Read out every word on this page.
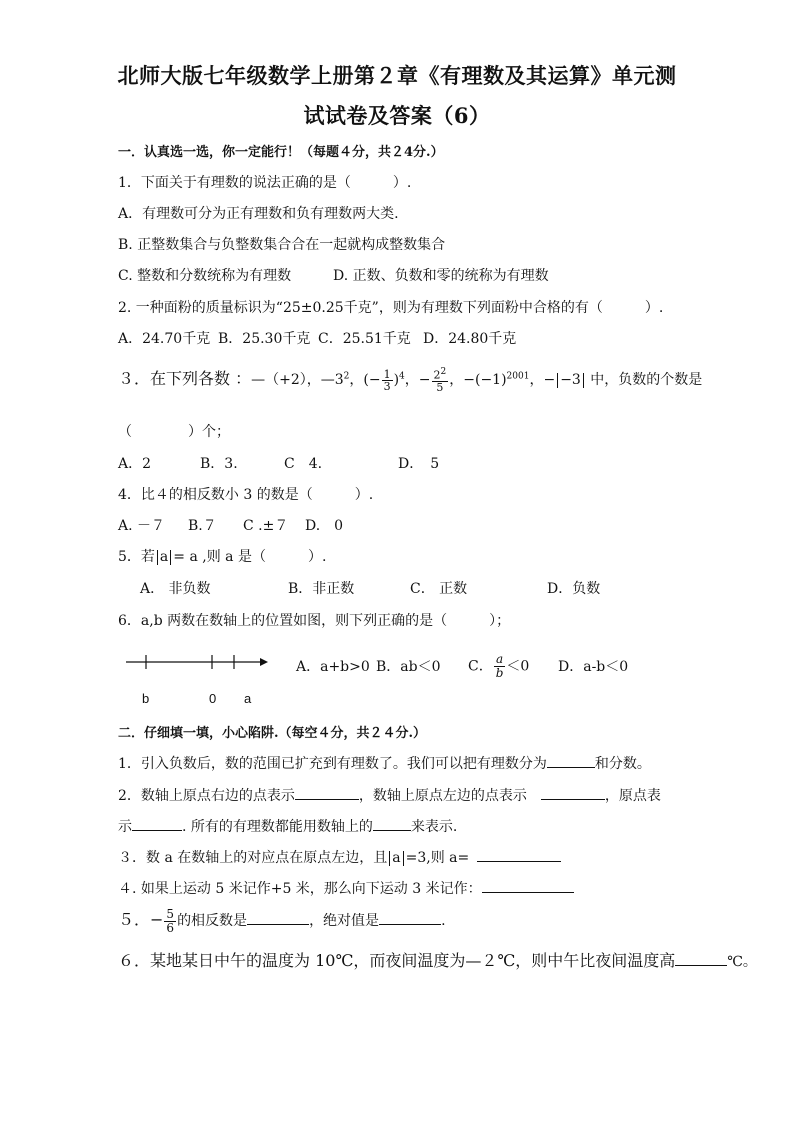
北师大版七年级数学上册第２章《有理数及其运算》单元测
试试卷及答案（6）
一．认真选一选，你一定能行！（每题４分，共２4分.）
1．下面关于有理数的说法正确的是（　　　）.
A．有理数可分为正有理数和负有理数两大类.
B. 正整数集合与负整数集合合在一起就构成整数集合
C. 整数和分数统称为有理数	D. 正数、负数和零的统称为有理数
2. 一种面粉的质量标识为“25±0.25千克”，则为有理数下列面粉中合格的有（　　　）.
A．24.70千克 B．25.30千克 C．25.51千克 D．24.80千克
３．在下列各数 ：—（+2），$—3^2$，(− $\frac{1}{3} )^4$，− $\frac{2^2}{5}$ ，$-(-1)^{2001}$，− −3 中，负数的个数是
（　　　　）个；
A．2	B．3.	C　4.	D．　5
4．比４的相反数小 3 的数是（　　　）.
A. －７ B.７ C .±７ D.　0
5．若 a = a ,则 a 是（　　　）.
A． 非负数	B．非正数	C． 正数	D．负数
6．a,b 两数在数轴上的位置如图，则下列正确的是（　　　）；
b	0 a
A．a+b>0 B．ab＜0 C． $\frac{a}{b} <0$ D．a-b＜0
二．仔细填一填，小心陷阱.（每空４分，共２４分.）
1．引入负数后，数的范围已扩充到有理数了。我们可以把有理数分为	和分数。
2．数轴上原点右边的点表示	，数轴上原点左边的点表示	，原点表
示	. 所有的有理数都能用数轴上的	来表示.
３．数 a 在数轴上的对应点在原点左边，且 a =3,则 a=
４. 如果上运动 5 米记作+5 米，那么向下运动 3 米记作：
５．− $\frac{5}{6}$ 的相反数是	，绝对值是	.
６．某地某日中午的温度为 10℃，而夜间温度为—２℃，则中午比夜间温度高	℃。
